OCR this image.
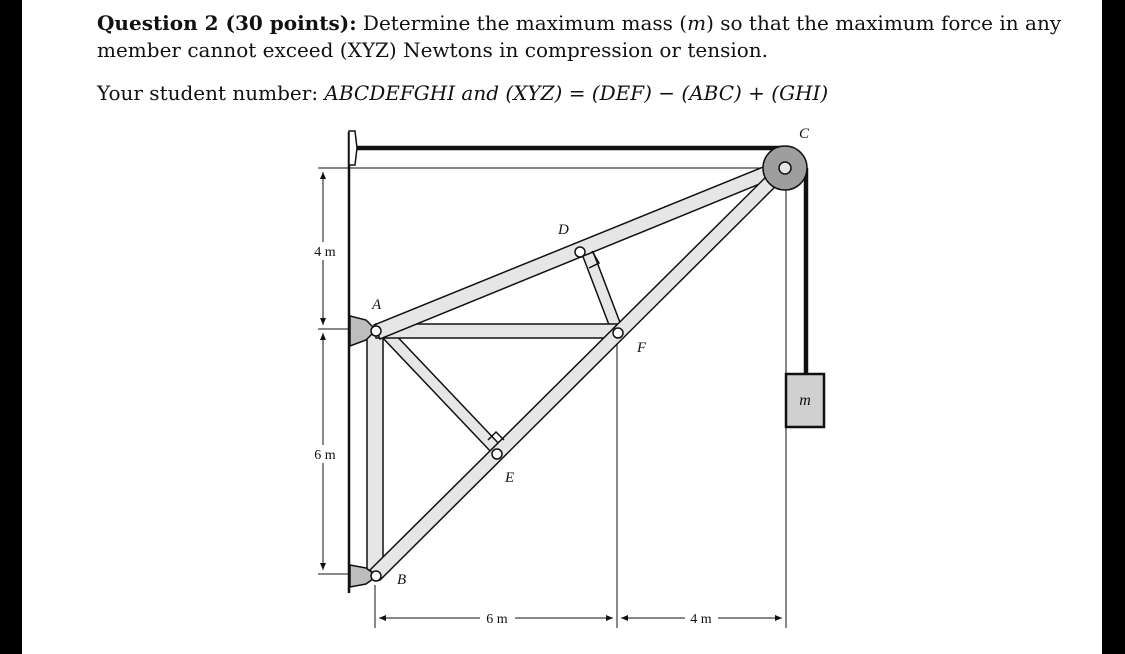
Question 2 (30 points): Determine the maximum mass (m) so that the maximum force in any
member cannot exceed (XYZ) Newtons in compression or tension.
Your student number: ABCDEFGHI and (XYZ) = (DEF) − (ABC) + (GHI)
m
A
B
C
D
E
F
4 m
6 m
6 m	4 m
